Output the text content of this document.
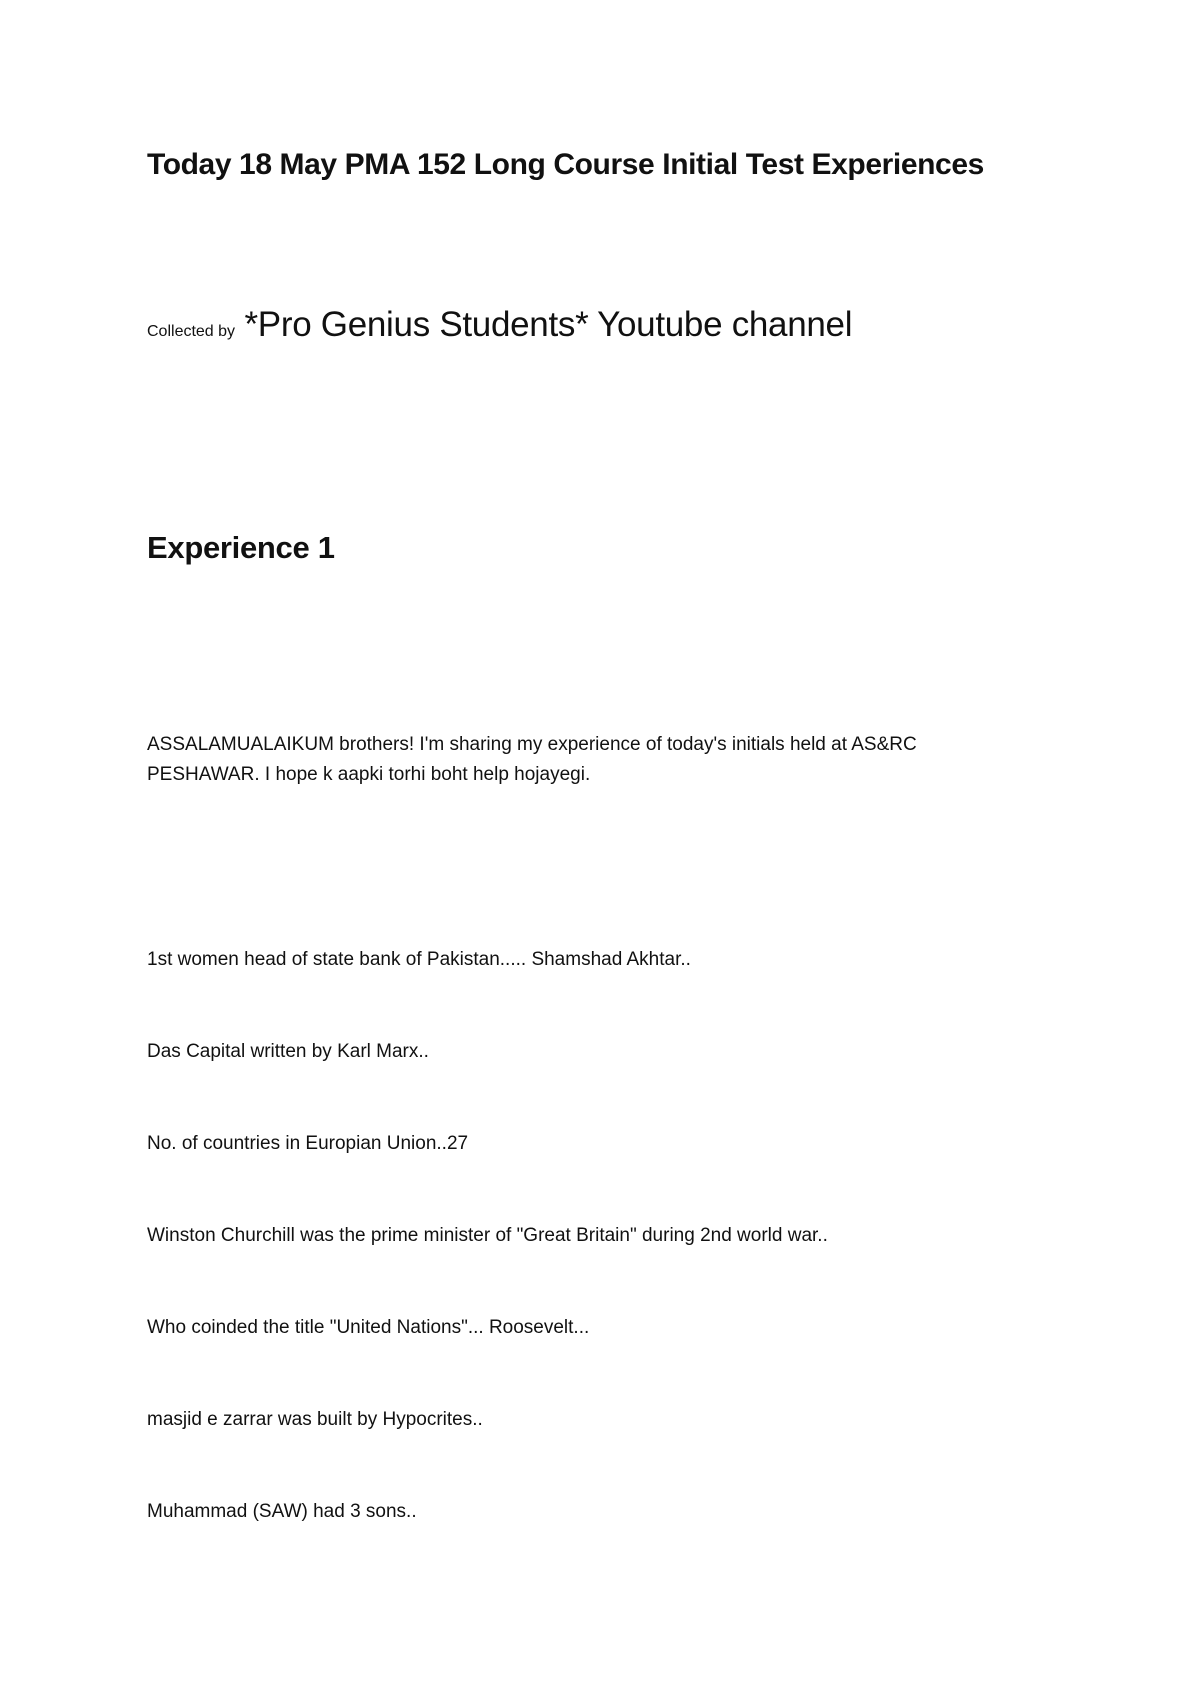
Today 18 May PMA 152 Long Course Initial Test Experiences

Collected by *Pro Genius Students* Youtube channel

Experience 1
ASSALAMUALAIKUM brothers! I'm sharing my experience of today's initials held at AS&RC
PESHAWAR. I hope k aapki torhi boht help hojayegi.

1st women head of state bank of Pakistan..... Shamshad Akhtar..

Das Capital written by Karl Marx..

No. of countries in Europian Union..27

Winston Churchill was the prime minister of "Great Britain" during 2nd world war..

Who coinded the title "United Nations"... Roosevelt...

masjid e zarrar was built by Hypocrites..

Muhammad (SAW) had 3 sons..
